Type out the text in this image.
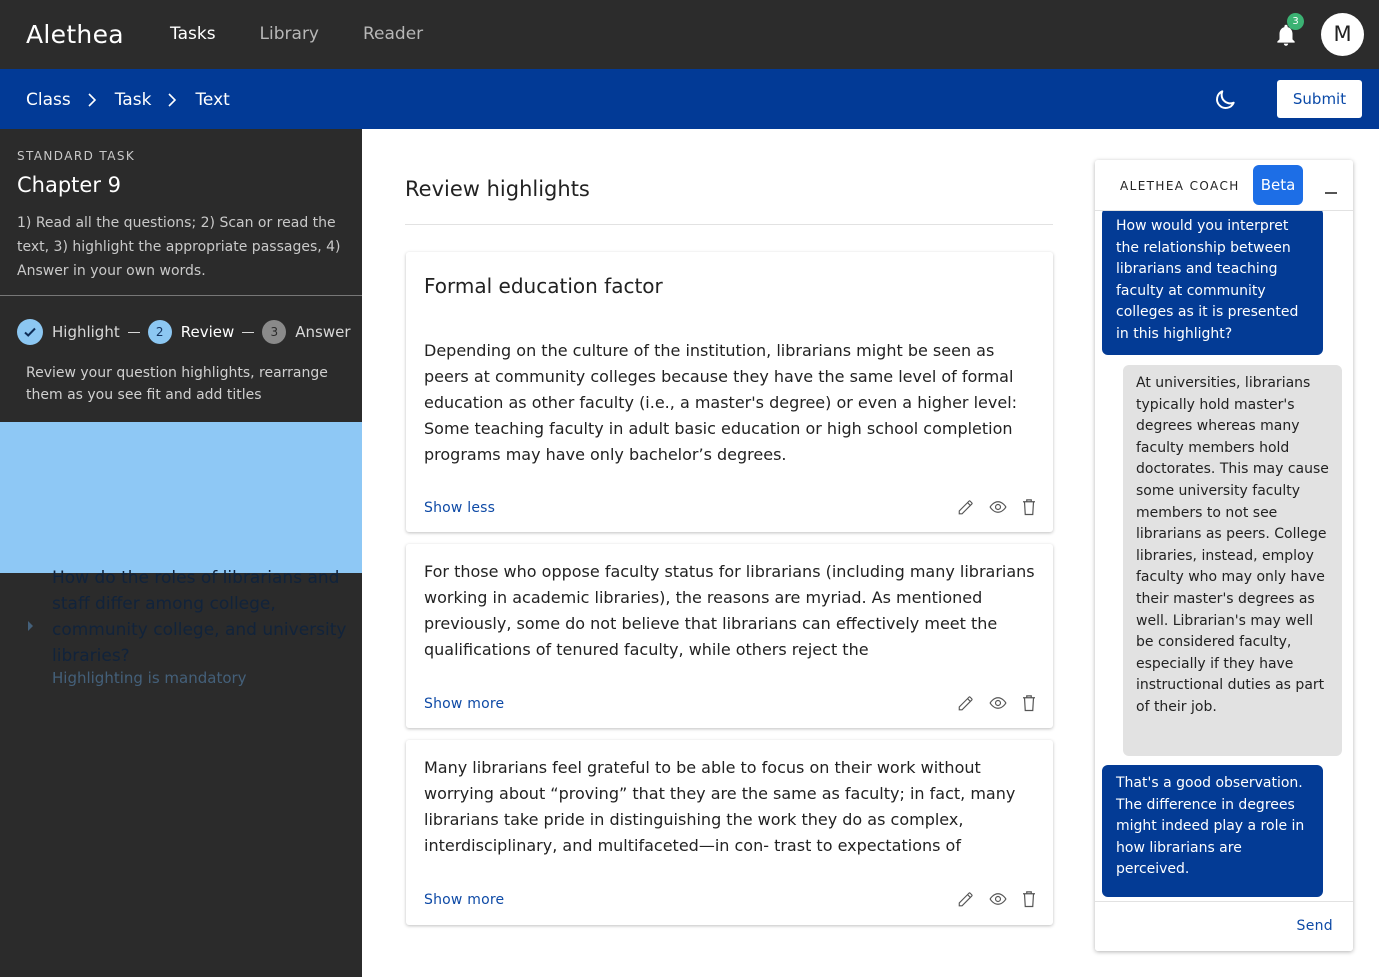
Alethea	Tasks	Library	Reader
3
M
Class	Task	Text	Submit
STANDARD TASK
Chapter 9
1) Read all the questions; 2) Scan or read the text, 3) highlight the appropriate passages, 4) Answer in your own words.
Highlight	2	Review	3	Answer
Review your question highlights, rearrange them as you see fit and add titles
How do the roles of librarians and staff differ among college, community college, and university libraries?
Highlighting is mandatory
Review highlights
Formal education factor
Depending on the culture of the institution, librarians might be seen as peers at community colleges because they have the same level of formal education as other faculty (i.e., a master's degree) or even a higher level: Some teaching faculty in adult basic education or high school completion programs may have only bachelor’s degrees.
Show less
For those who oppose faculty status for librarians (including many librarians working in academic libraries), the reasons are myriad. As mentioned previously, some do not believe that librarians can effectively meet the qualifications of tenured faculty, while others reject the
Show more
Many librarians feel grateful to be able to focus on their work without worrying about “proving” that they are the same as faculty; in fact, many librarians take pride in distinguishing the work they do as complex, interdisciplinary, and multifaceted—in con- trast to expectations of
Show more
ALETHEA COACH	Beta
How would you interpret the relationship between librarians and teaching faculty at community colleges as it is presented in this highlight?
At universities, librarians typically hold master's degrees whereas many faculty members hold doctorates. This may cause some university faculty members to not see librarians as peers. College libraries, instead, employ faculty who may only have their master's degrees as well. Librarian's may well be considered faculty, especially if they have instructional duties as part of their job.
That's a good observation. The difference in degrees might indeed play a role in how librarians are perceived.
Send
